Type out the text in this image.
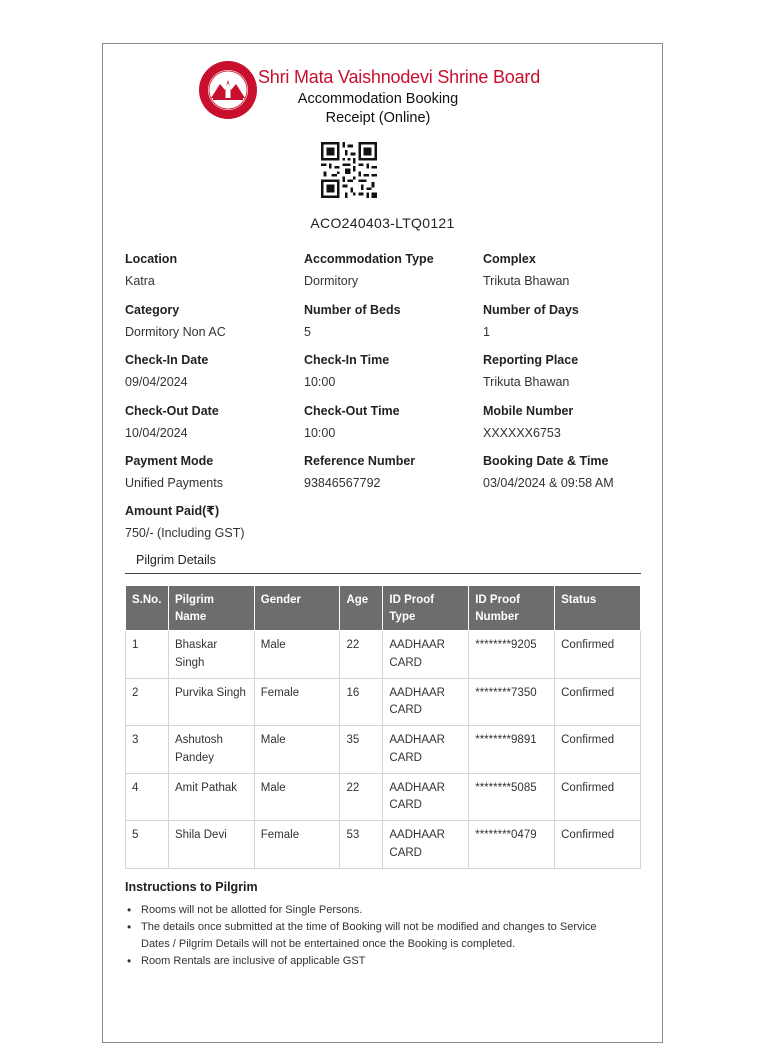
Shri Mata Vaishnodevi Shrine Board
Accommodation Booking
Receipt (Online)
ACO240403-LTQ0121
Location
Katra
Accommodation Type
Dormitory
Complex
Trikuta Bhawan
Category
Dormitory Non AC
Number of Beds
5
Number of Days
1
Check-In Date
09/04/2024
Check-In Time
10:00
Reporting Place
Trikuta Bhawan
Check-Out Date
10/04/2024
Check-Out Time
10:00
Mobile Number
XXXXXX6753
Payment Mode
Unified Payments
Reference Number
93846567792
Booking Date & Time
03/04/2024 & 09:58 AM
Amount Paid(₹)
750/- (Including GST)
Pilgrim Details
S.No.	Pilgrim Name	Gender	Age	ID Proof Type	ID Proof Number	Status
1	Bhaskar Singh	Male	22	AADHAAR CARD	********9205	Confirmed
2	Purvika Singh	Female	16	AADHAAR CARD	********7350	Confirmed
3	Ashutosh Pandey	Male	35	AADHAAR CARD	********9891	Confirmed
4	Amit Pathak	Male	22	AADHAAR CARD	********5085	Confirmed
5	Shila Devi	Female	53	AADHAAR CARD	********0479	Confirmed
Instructions to Pilgrim
• Rooms will not be allotted for Single Persons.
• The details once submitted at the time of Booking will not be modified and changes to Service Dates / Pilgrim Details will not be entertained once the Booking is completed.
• Room Rentals are inclusive of applicable GST
